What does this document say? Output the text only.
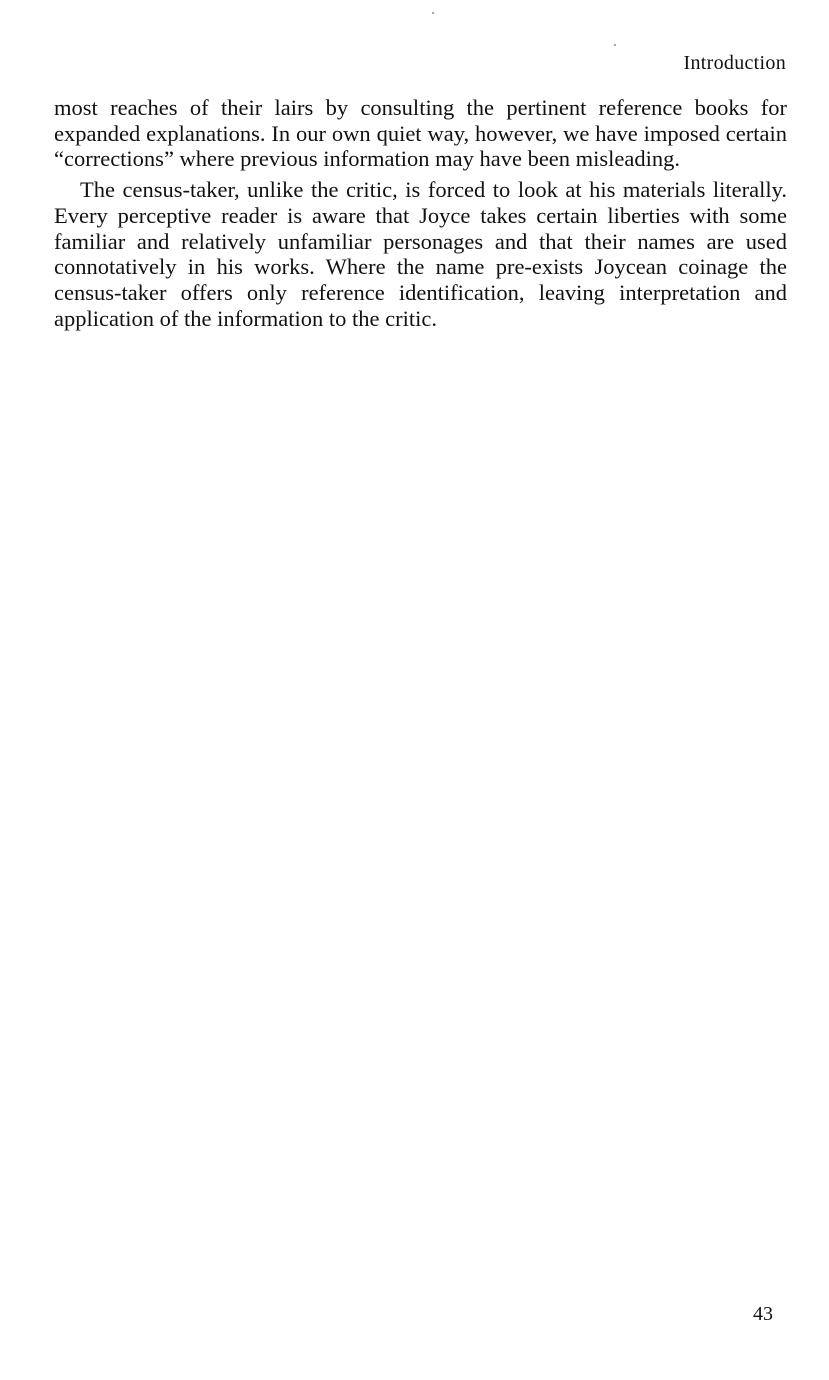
Introduction

most reaches of their lairs by consulting the pertinent reference books for expanded explanations. In our own quiet way, however, we have imposed certain “corrections” where previous information may have been misleading.

The census-taker, unlike the critic, is forced to look at his materials literally. Every perceptive reader is aware that Joyce takes certain liberties with some familiar and relatively unfamiliar personages and that their names are used connotatively in his works. Where the name pre-exists Joycean coinage the census-taker offers only reference identification, leaving interpretation and application of the information to the critic.

43
